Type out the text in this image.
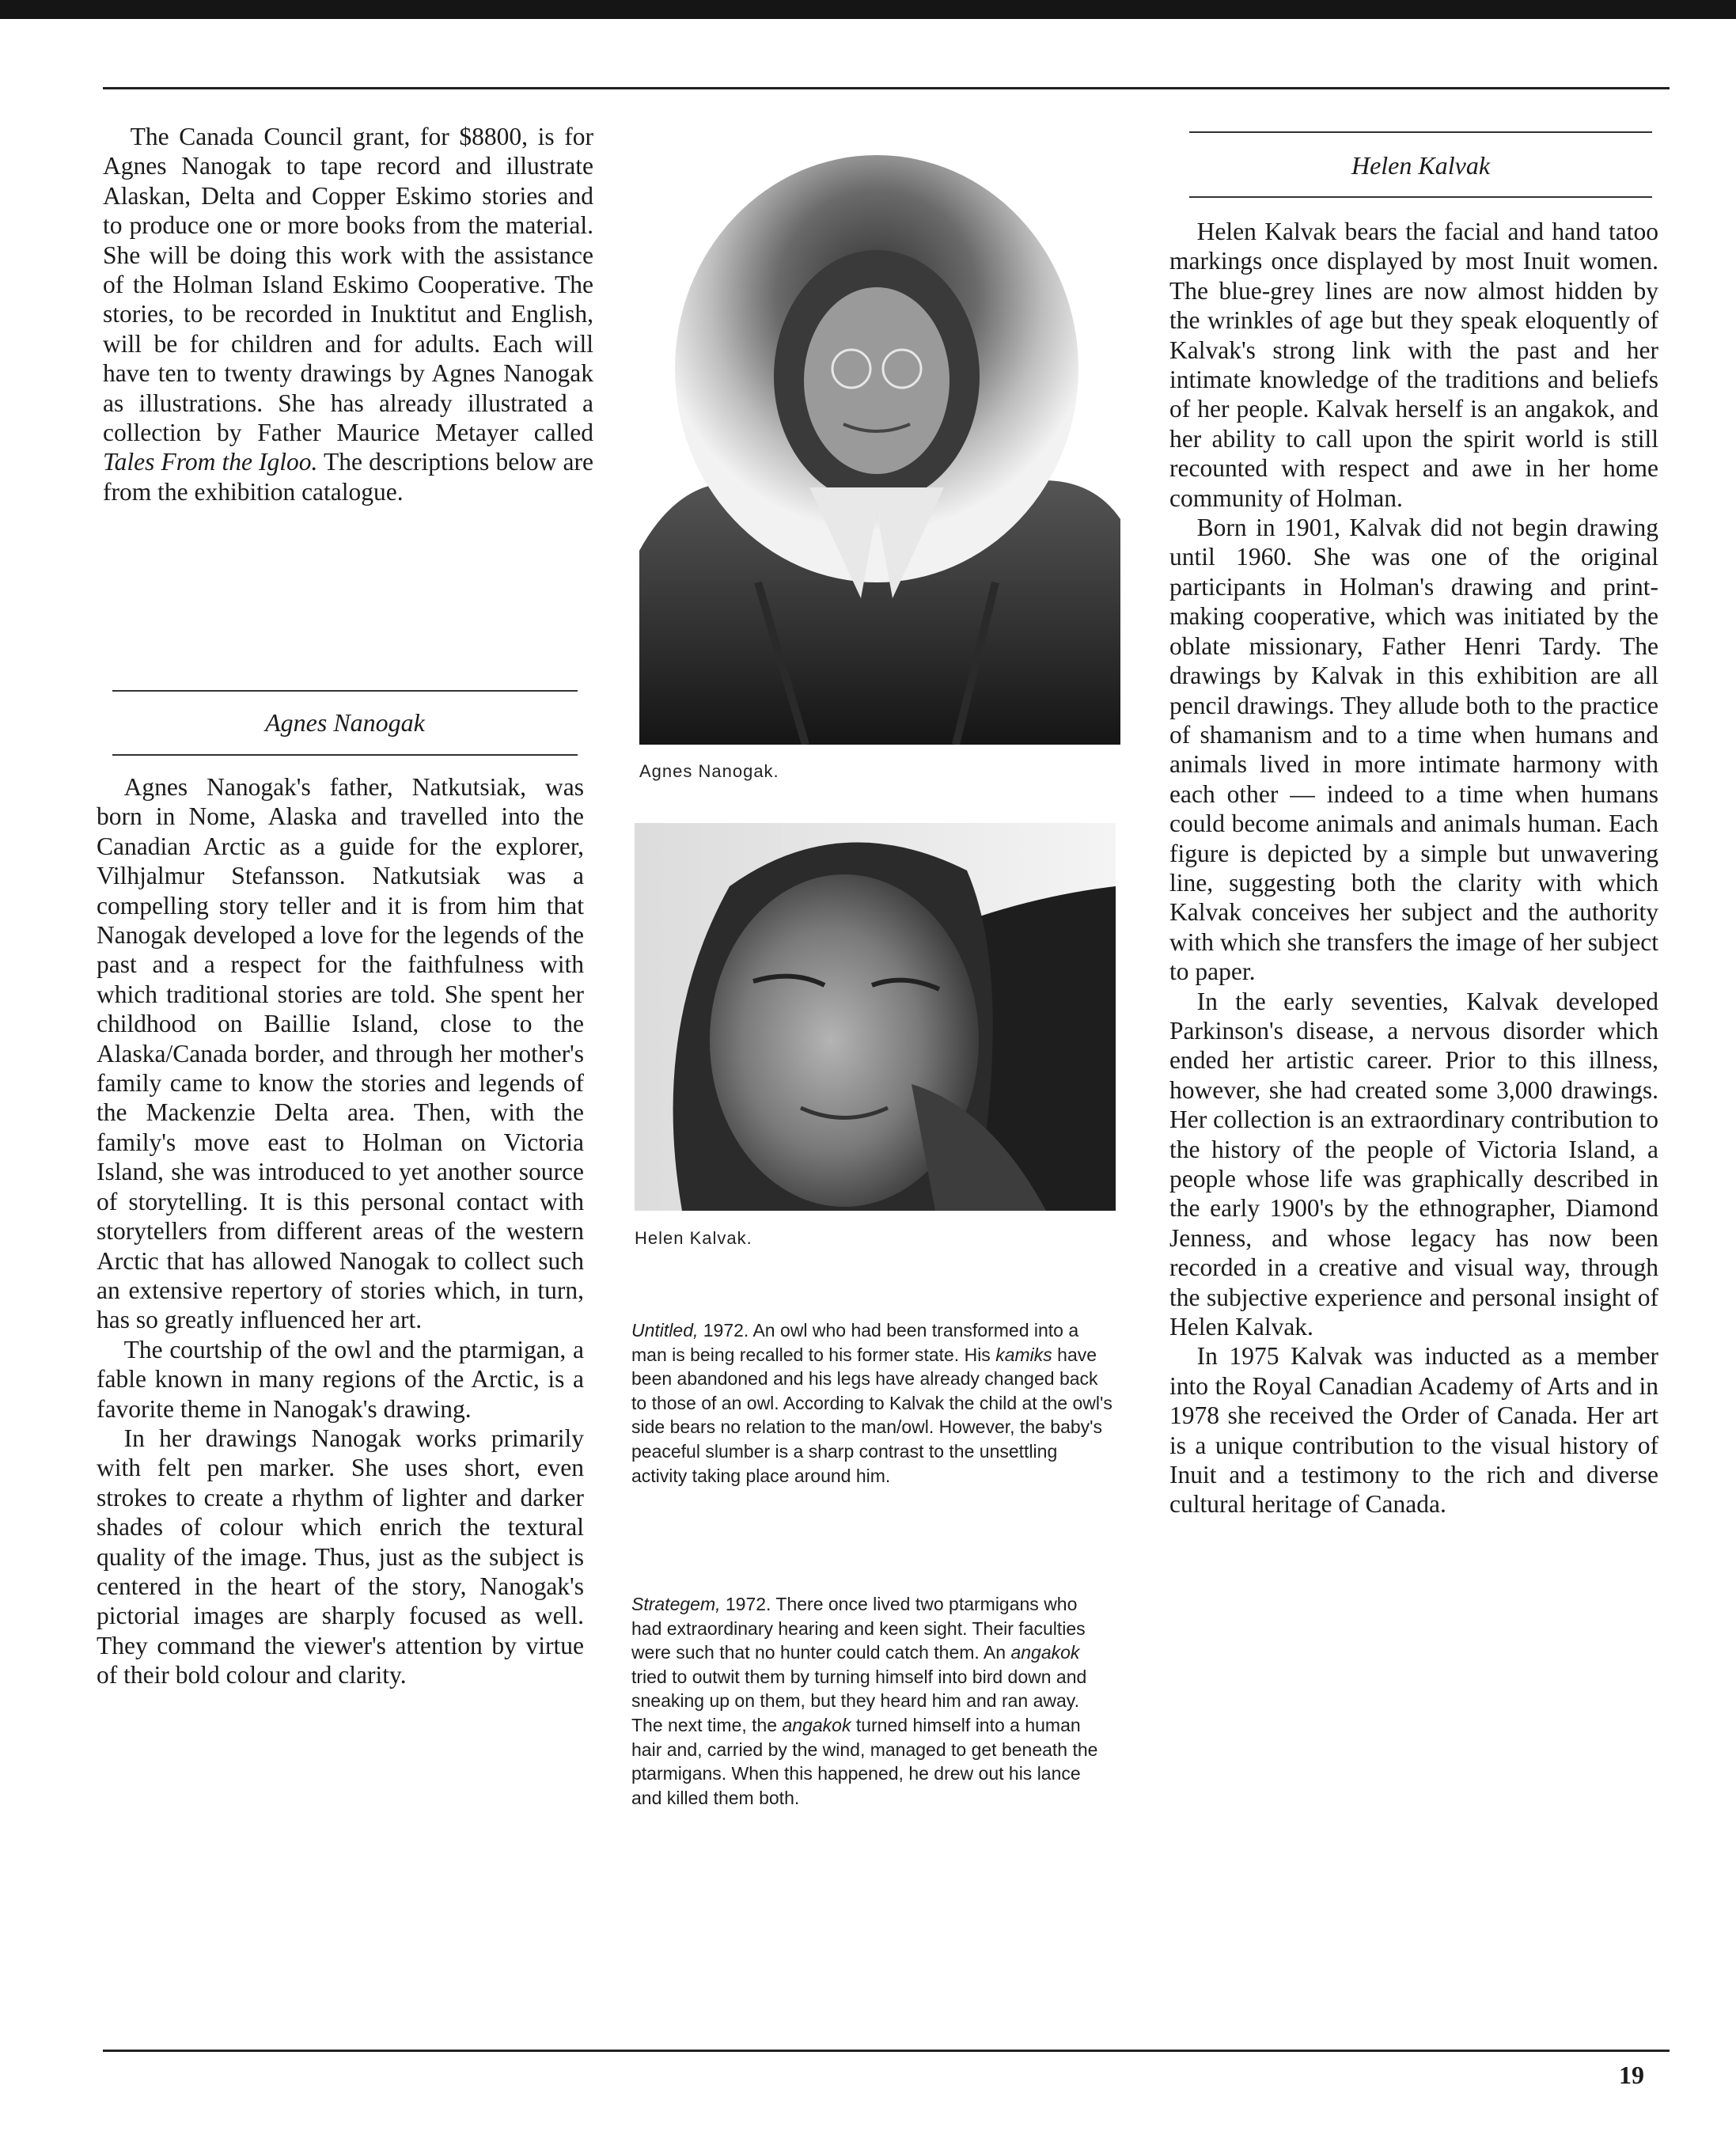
The Canada Council grant, for $8800, is for Agnes Nanogak to tape record and illustrate Alaskan, Delta and Copper Eskimo stories and to produce one or more books from the material. She will be doing this work with the assistance of the Holman Island Eskimo Cooperative. The stories, to be recorded in Inuktitut and English, will be for children and for adults. Each will have ten to twenty drawings by Agnes Nanogak as illustrations. She has already illustrated a collection by Father Maurice Metayer called Tales From the Igloo. The descriptions below are from the exhibition catalogue.

Agnes Nanogak

Agnes Nanogak's father, Natkutsiak, was born in Nome, Alaska and travelled into the Canadian Arctic as a guide for the explorer, Vilhjalmur Stefansson. Natkutsiak was a compelling story teller and it is from him that Nanogak developed a love for the legends of the past and a respect for the faithfulness with which traditional stories are told. She spent her childhood on Baillie Island, close to the Alaska/Canada border, and through her mother's family came to know the stories and legends of the Mackenzie Delta area. Then, with the family's move east to Holman on Victoria Island, she was introduced to yet another source of storytelling. It is this personal contact with storytellers from different areas of the western Arctic that has allowed Nanogak to collect such an extensive repertory of stories which, in turn, has so greatly influenced her art.

The courtship of the owl and the ptarmigan, a fable known in many regions of the Arctic, is a favorite theme in Nanogak's drawing.

In her drawings Nanogak works primarily with felt pen marker. She uses short, even strokes to create a rhythm of lighter and darker shades of colour which enrich the textural quality of the image. Thus, just as the subject is centered in the heart of the story, Nanogak's pictorial images are sharply focused as well. They command the viewer's attention by virtue of their bold colour and clarity.

Agnes Nanogak.
Helen Kalvak.

Untitled, 1972. An owl who had been transformed into a man is being recalled to his former state. His kamiks have been abandoned and his legs have already changed back to those of an owl. According to Kalvak the child at the owl's side bears no relation to the man/owl. However, the baby's peaceful slumber is a sharp contrast to the unsettling activity taking place around him.

Strategem, 1972. There once lived two ptarmigans who had extraordinary hearing and keen sight. Their faculties were such that no hunter could catch them. An angakok tried to outwit them by turning himself into bird down and sneaking up on them, but they heard him and ran away. The next time, the angakok turned himself into a human hair and, carried by the wind, managed to get beneath the ptarmigans. When this happened, he drew out his lance and killed them both.

Helen Kalvak

Helen Kalvak bears the facial and hand tatoo markings once displayed by most Inuit women. The blue-grey lines are now almost hidden by the wrinkles of age but they speak eloquently of Kalvak's strong link with the past and her intimate knowledge of the traditions and beliefs of her people. Kalvak herself is an angakok, and her ability to call upon the spirit world is still recounted with respect and awe in her home community of Holman.

Born in 1901, Kalvak did not begin drawing until 1960. She was one of the original participants in Holman's drawing and print-making cooperative, which was initiated by the oblate missionary, Father Henri Tardy. The drawings by Kalvak in this exhibition are all pencil drawings. They allude both to the practice of shamanism and to a time when humans and animals lived in more intimate harmony with each other — indeed to a time when humans could become animals and animals human. Each figure is depicted by a simple but unwavering line, suggesting both the clarity with which Kalvak conceives her subject and the authority with which she transfers the image of her subject to paper.

In the early seventies, Kalvak developed Parkinson's disease, a nervous disorder which ended her artistic career. Prior to this illness, however, she had created some 3,000 drawings. Her collection is an extraordinary contribution to the history of the people of Victoria Island, a people whose life was graphically described in the early 1900's by the ethnographer, Diamond Jenness, and whose legacy has now been recorded in a creative and visual way, through the subjective experience and personal insight of Helen Kalvak.

In 1975 Kalvak was inducted as a member into the Royal Canadian Academy of Arts and in 1978 she received the Order of Canada. Her art is a unique contribution to the visual history of Inuit and a testimony to the rich and diverse cultural heritage of Canada.

19
